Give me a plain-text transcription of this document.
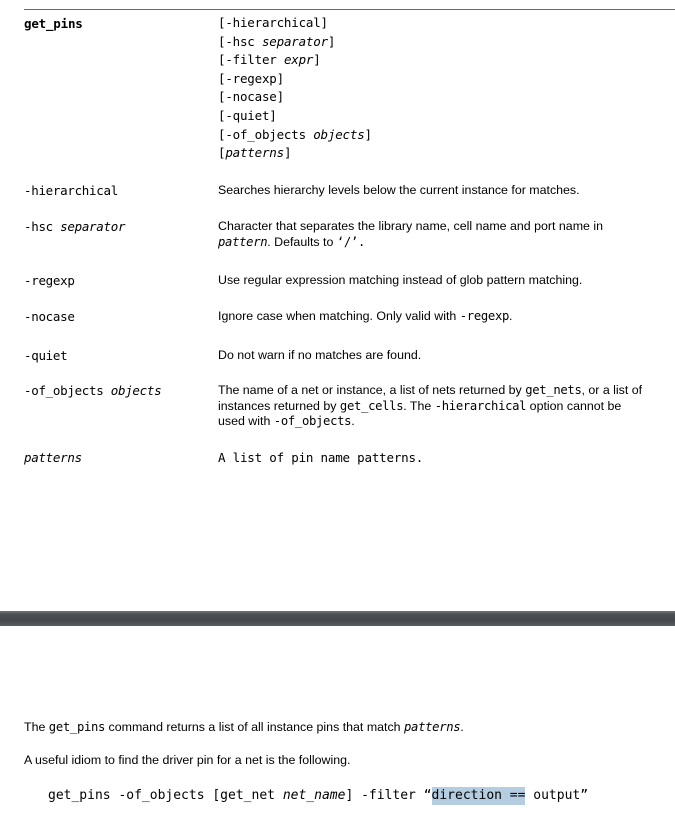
get_pins	[-hierarchical]
[-hsc separator]
[-filter expr]
[-regexp]
[-nocase]
[-quiet]
[-of_objects objects]
[patterns]
-hierarchical	Searches hierarchy levels below the current instance for matches.
-hsc separator	Character that separates the library name, cell name and port name in
pattern. Defaults to ‘/’.
-regexp	Use regular expression matching instead of glob pattern matching.
-nocase	Ignore case when matching. Only valid with -regexp.
-quiet	Do not warn if no matches are found.
-of_objects objects	The name of a net or instance, a list of nets returned by get_nets, or a list of
instances returned by get_cells. The -hierarchical option cannot be
used with -of_objects.
patterns	A list of pin name patterns.
The get_pins command returns a list of all instance pins that match patterns.
A useful idiom to find the driver pin for a net is the following.
get_pins -of_objects [get_net net_name] -filter “direction == output”
